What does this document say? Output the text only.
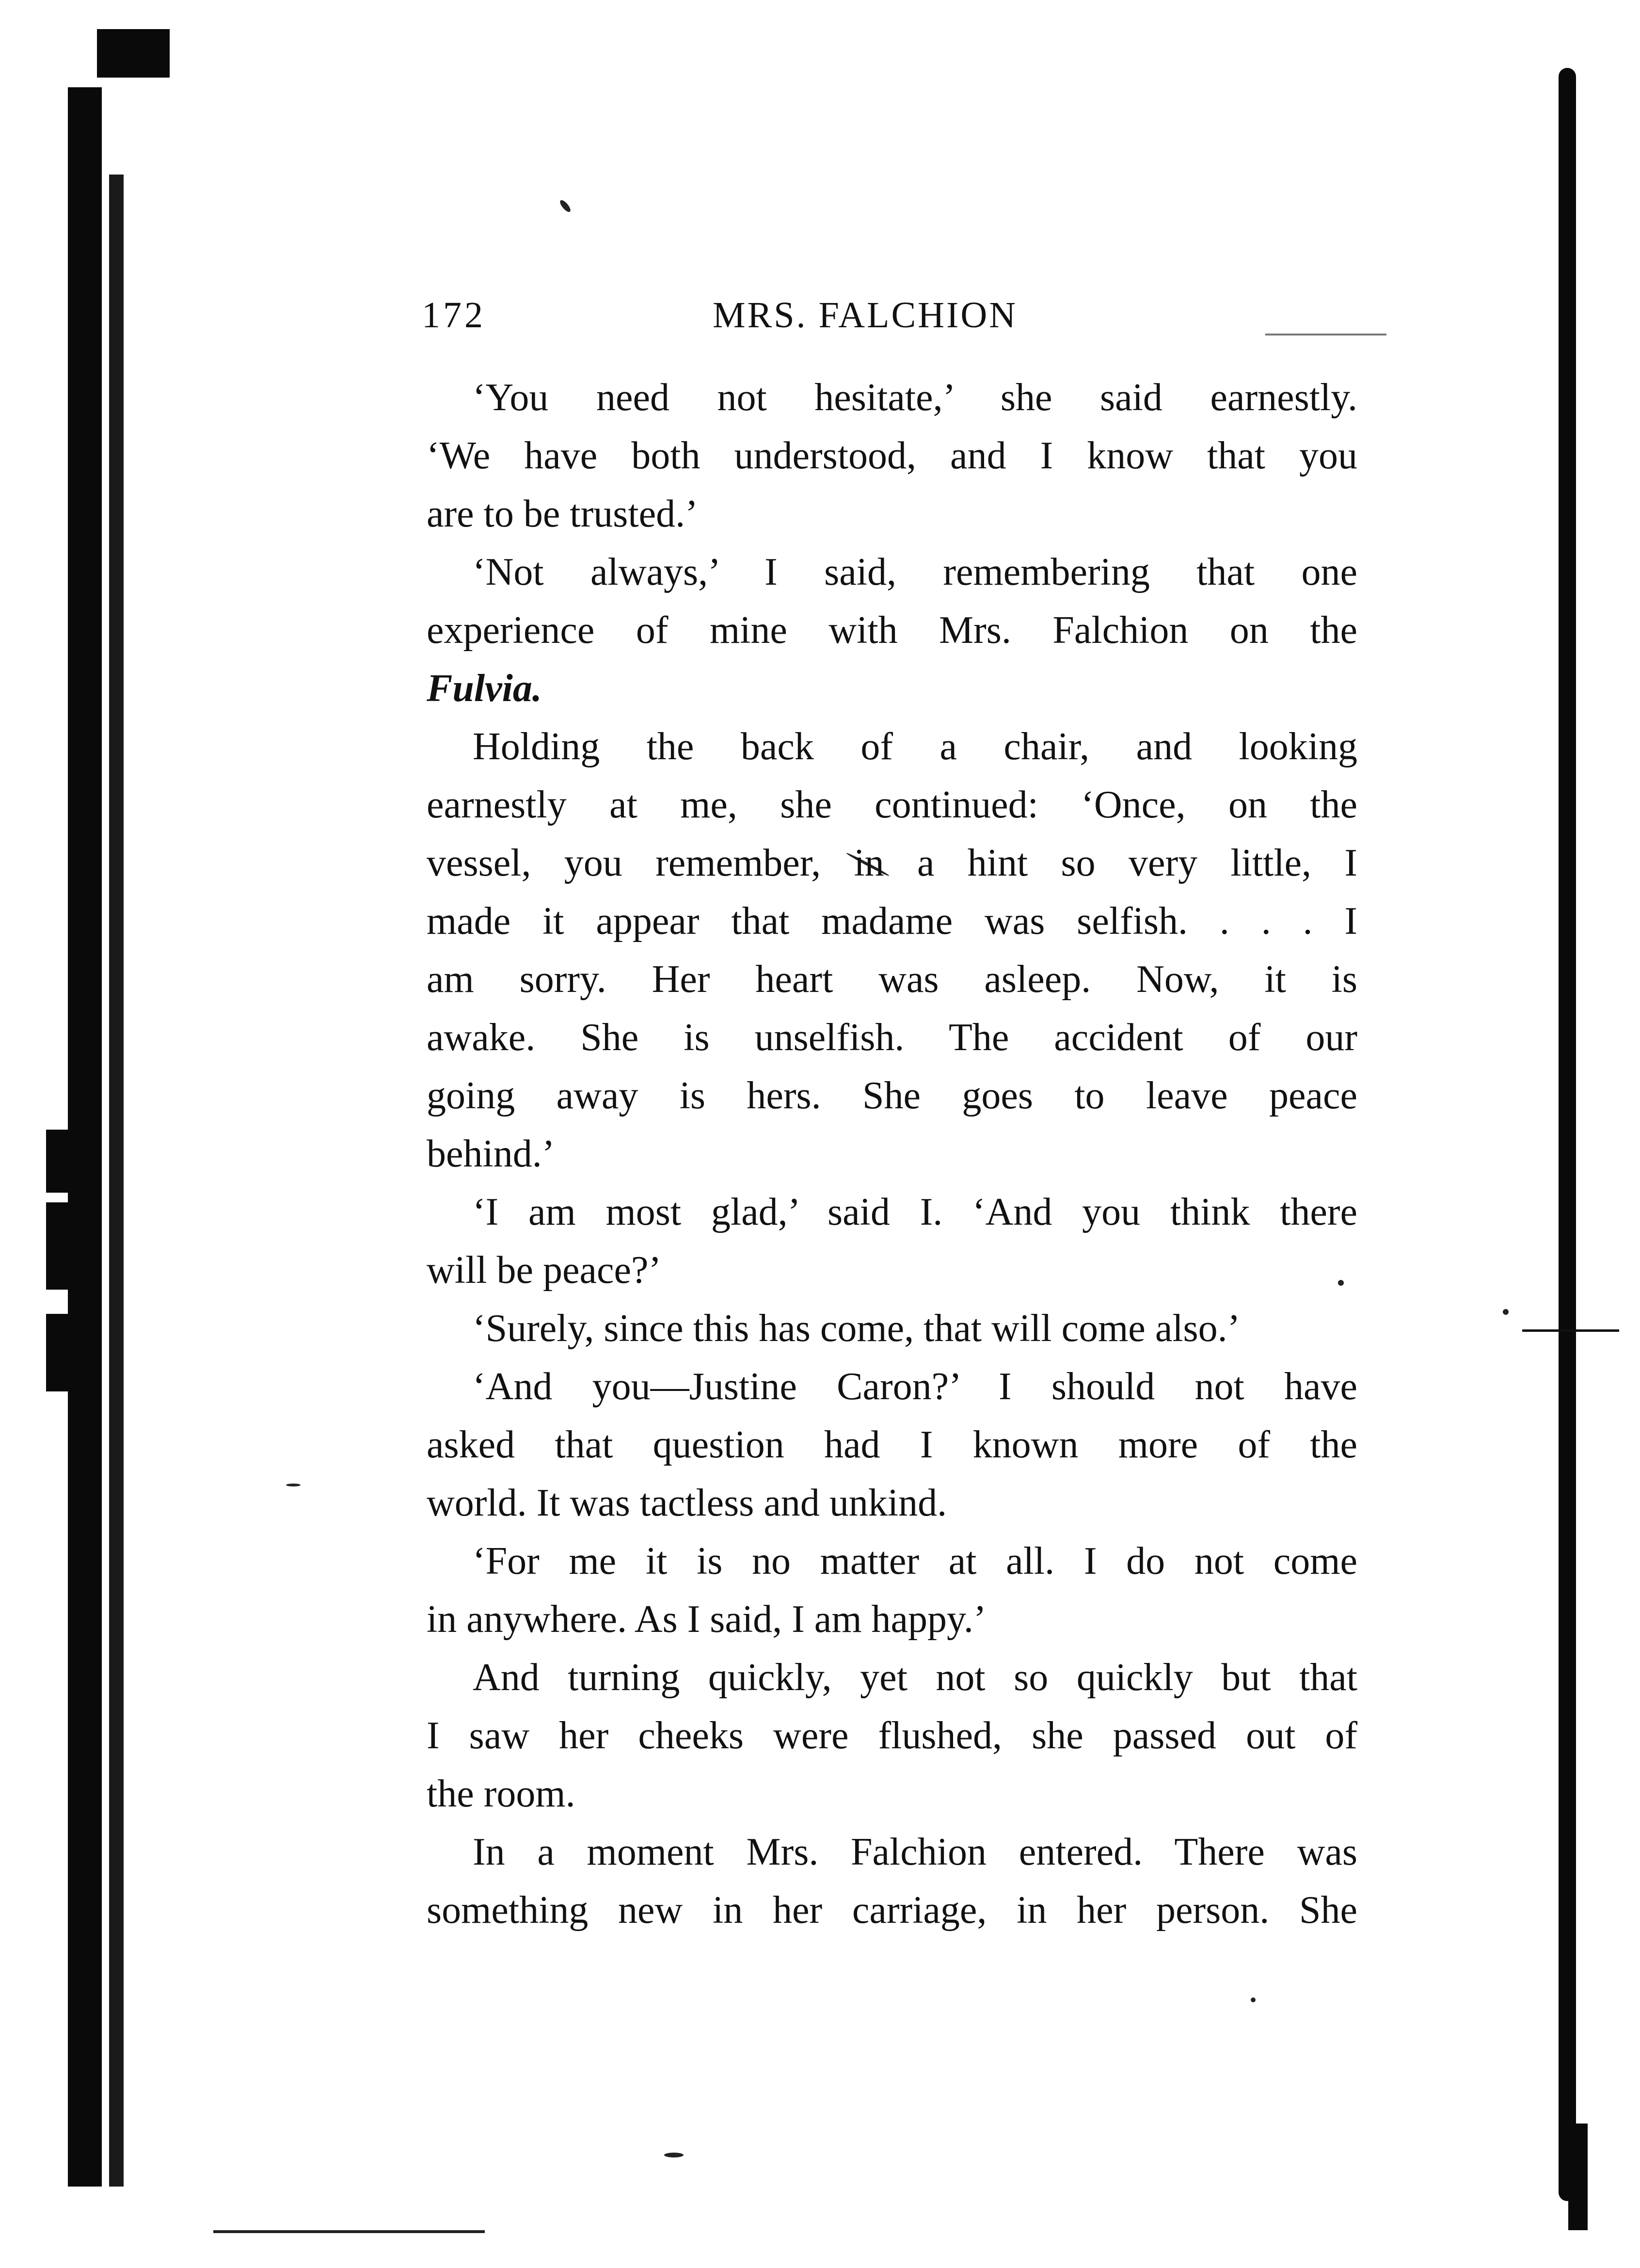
172	MRS. FALCHION
‘You need not hesitate,’ she said earnestly.
‘We have both understood, and I know that you
are to be trusted.’
‘Not always,’ I said, remembering that one
experience of mine with Mrs. Falchion on the
Fulvia.
Holding the back of a chair, and looking
earnestly at me, she continued: ‘Once, on the
vessel, you remember, in a hint so very little, I
made it appear that madame was selfish. . . . I
am sorry. Her heart was asleep. Now, it is
awake. She is unselfish. The accident of our
going away is hers. She goes to leave peace
behind.’
‘I am most glad,’ said I. ‘And you think there
will be peace?’
‘Surely, since this has come, that will come also.’
‘And you—Justine Caron?’ I should not have
asked that question had I known more of the
world. It was tactless and unkind.
‘For me it is no matter at all. I do not come
in anywhere. As I said, I am happy.’
And turning quickly, yet not so quickly but that
I saw her cheeks were flushed, she passed out of
the room.
In a moment Mrs. Falchion entered. There was
something new in her carriage, in her person. She
